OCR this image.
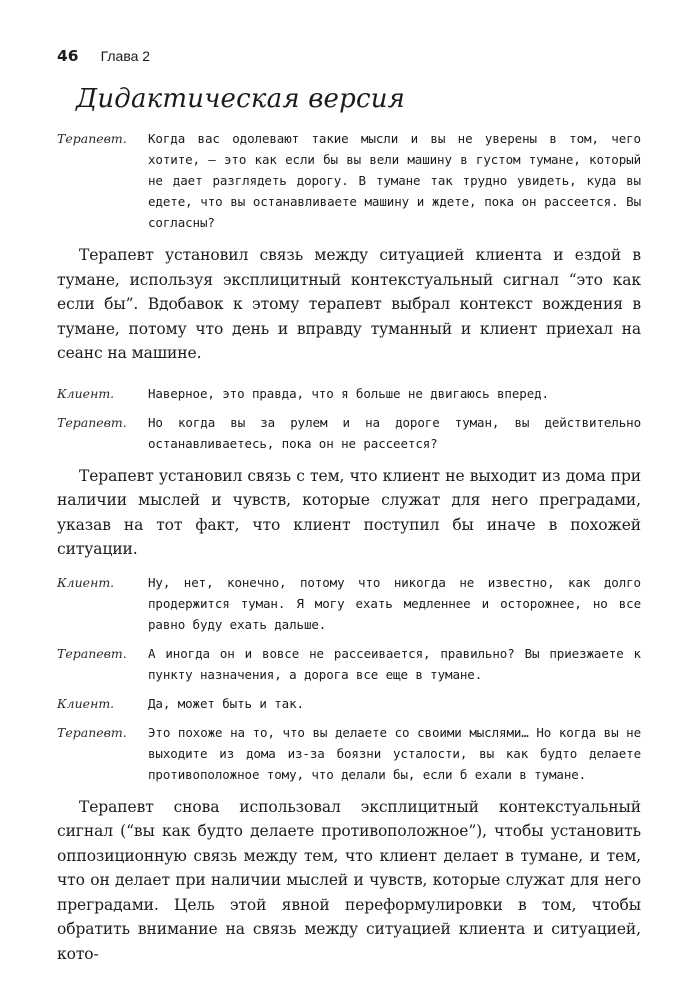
46 Глава 2
Дидактическая версия
Терапевт.	Когда вас одолевают такие мысли и вы не уверены в том, чего хотите, — это как если бы вы вели машину в густом тумане, который не дает разглядеть дорогу. В тумане так трудно увидеть, куда вы едете, что вы останавливаете машину и ждете, пока он рассеется. Вы согласны?

Терапевт установил связь между ситуацией клиента и ездой в тумане, используя эксплицитный контекстуальный сигнал “это как если бы”. Вдобавок к этому терапевт выбрал контекст вождения в тумане, потому что день и вправду туманный и клиент приехал на сеанс на машине.

Клиент.	Наверное, это правда, что я больше не двигаюсь вперед.
Терапевт.	Но когда вы за рулем и на дороге туман, вы действительно останавливаетесь, пока он не рассеется?

Терапевт установил связь с тем, что клиент не выходит из дома при наличии мыслей и чувств, которые служат для него преградами, указав на тот факт, что клиент поступил бы иначе в похожей ситуации.

Клиент.	Ну, нет, конечно, потому что никогда не известно, как долго продержится туман. Я могу ехать медленнее и осторожнее, но все равно буду ехать дальше.
Терапевт.	А иногда он и вовсе не рассеивается, правильно? Вы приезжаете к пункту назначения, а дорога все еще в тумане.
Клиент.	Да, может быть и так.
Терапевт.	Это похоже на то, что вы делаете со своими мыслями… Но когда вы не выходите из дома из-за боязни усталости, вы как будто делаете противоположное тому, что делали бы, если б ехали в тумане.

Терапевт снова использовал эксплицитный контекстуальный сигнал (“вы как будто делаете противоположное”), чтобы установить оппозиционную связь между тем, что клиент делает в тумане, и тем, что он делает при наличии мыслей и чувств, которые служат для него преградами. Цель этой явной переформулировки в том, чтобы обратить внимание на связь между ситуацией клиента и ситуацией, кото-
